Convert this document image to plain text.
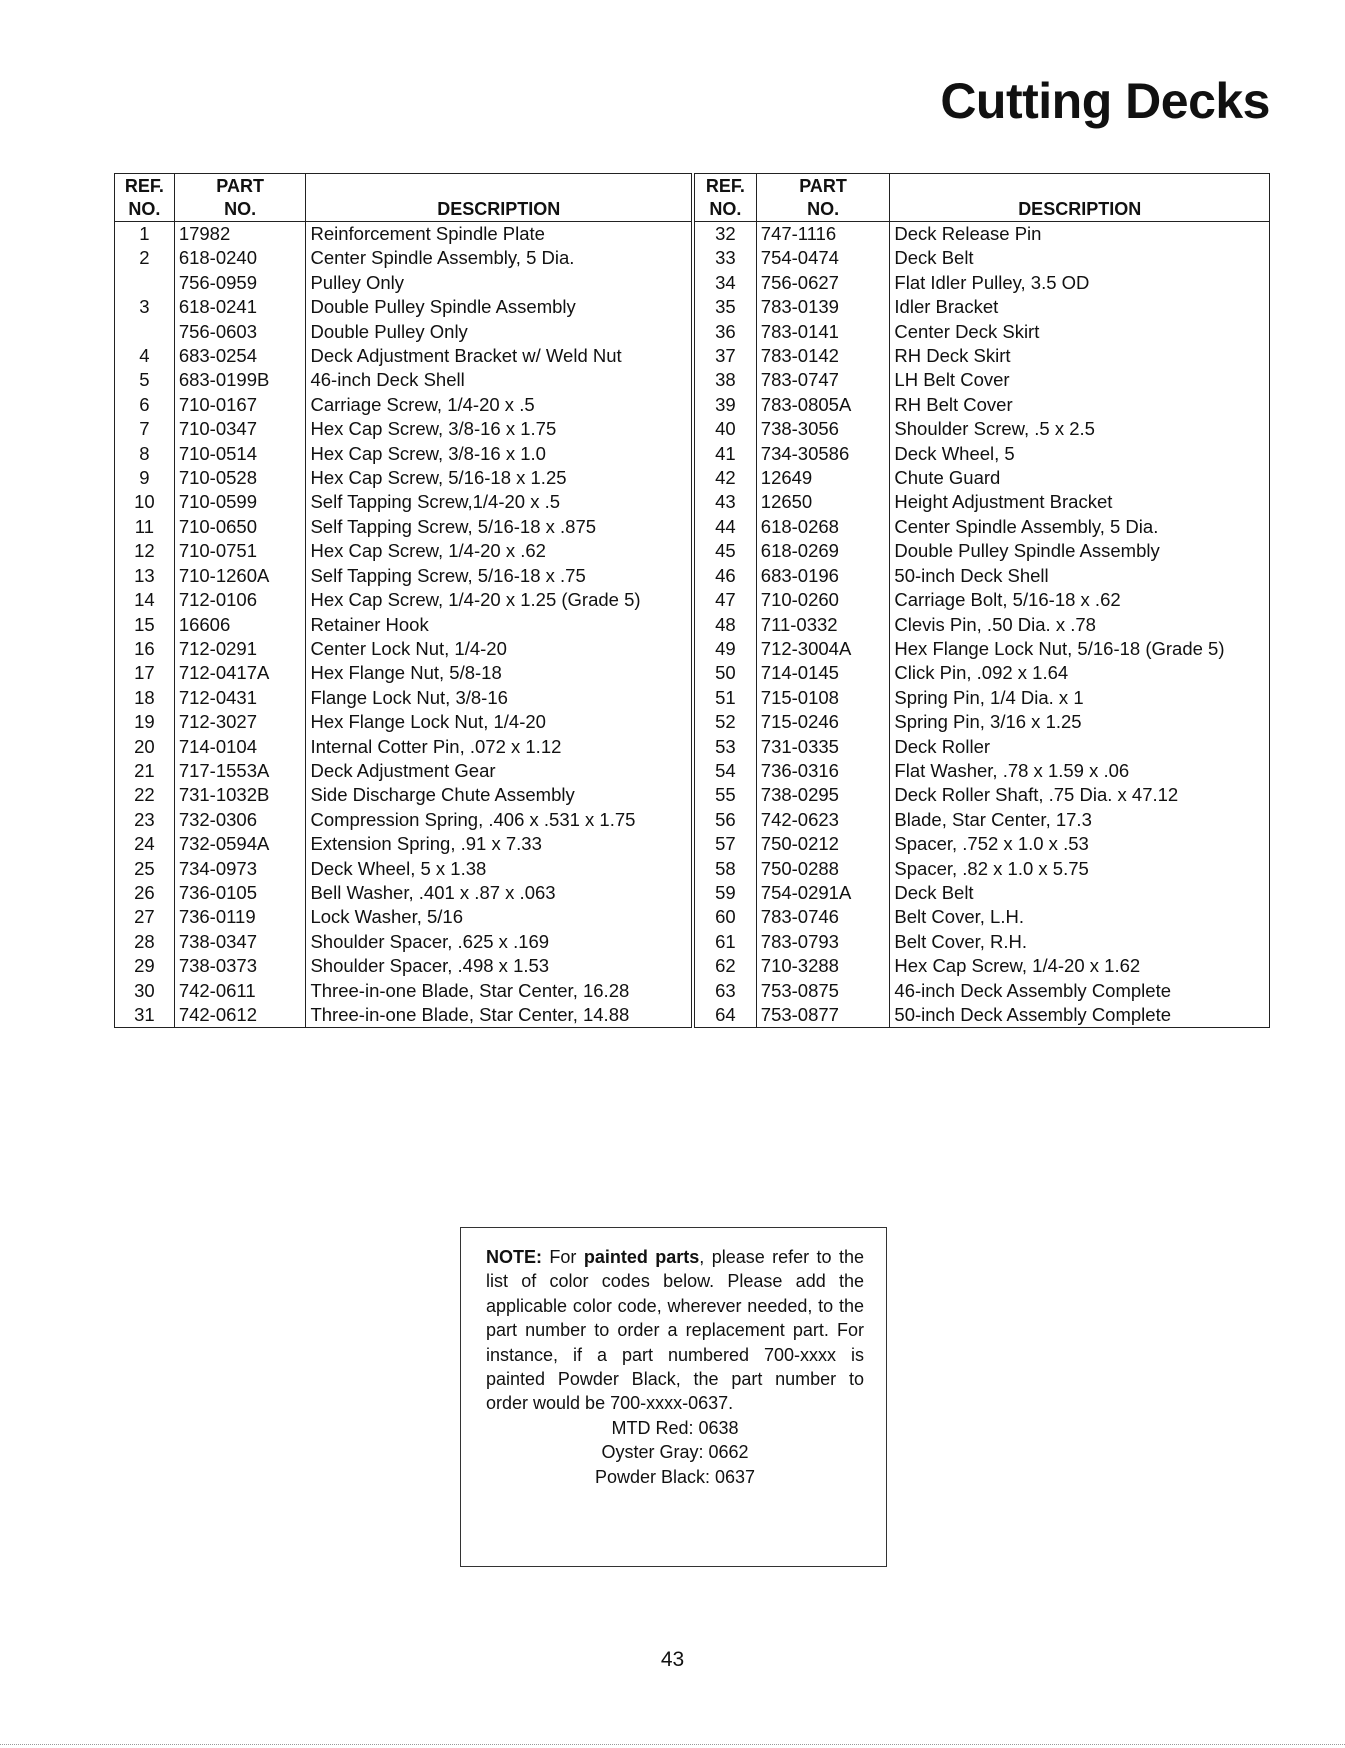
Cutting Decks
REF.	PART	
NO.	NO.	DESCRIPTION
1	17982	Reinforcement Spindle Plate
2	618-0240	Center Spindle Assembly, 5 Dia.
	756-0959	Pulley Only
3	618-0241	Double Pulley Spindle Assembly
	756-0603	Double Pulley Only
4	683-0254	Deck Adjustment Bracket w/ Weld Nut
5	683-0199B	46-inch Deck Shell
6	710-0167	Carriage Screw, 1/4-20 x .5
7	710-0347	Hex Cap Screw, 3/8-16 x 1.75
8	710-0514	Hex Cap Screw, 3/8-16 x 1.0
9	710-0528	Hex Cap Screw, 5/16-18 x 1.25
10	710-0599	Self Tapping Screw,1/4-20 x .5
11	710-0650	Self Tapping Screw, 5/16-18 x .875
12	710-0751	Hex Cap Screw, 1/4-20 x .62
13	710-1260A	Self Tapping Screw, 5/16-18 x .75
14	712-0106	Hex Cap Screw, 1/4-20 x 1.25 (Grade 5)
15	16606	Retainer Hook
16	712-0291	Center Lock Nut, 1/4-20
17	712-0417A	Hex Flange Nut, 5/8-18
18	712-0431	Flange Lock Nut, 3/8-16
19	712-3027	Hex Flange Lock Nut, 1/4-20
20	714-0104	Internal Cotter Pin, .072 x 1.12
21	717-1553A	Deck Adjustment Gear
22	731-1032B	Side Discharge Chute Assembly
23	732-0306	Compression Spring, .406 x .531 x 1.75
24	732-0594A	Extension Spring, .91 x 7.33
25	734-0973	Deck Wheel, 5 x 1.38
26	736-0105	Bell Washer, .401 x .87 x .063
27	736-0119	Lock Washer, 5/16
28	738-0347	Shoulder Spacer, .625 x .169
29	738-0373	Shoulder Spacer, .498 x 1.53
30	742-0611	Three-in-one Blade, Star Center, 16.28
31	742-0612	Three-in-one Blade, Star Center, 14.88
REF.	PART	
NO.	NO.	DESCRIPTION
32	747-1116	Deck Release Pin
33	754-0474	Deck Belt
34	756-0627	Flat Idler Pulley, 3.5 OD
35	783-0139	Idler Bracket
36	783-0141	Center Deck Skirt
37	783-0142	RH Deck Skirt
38	783-0747	LH Belt Cover
39	783-0805A	RH Belt Cover
40	738-3056	Shoulder Screw, .5 x 2.5
41	734-30586	Deck Wheel, 5
42	12649	Chute Guard
43	12650	Height Adjustment Bracket
44	618-0268	Center Spindle Assembly, 5 Dia.
45	618-0269	Double Pulley Spindle Assembly
46	683-0196	50-inch Deck Shell
47	710-0260	Carriage Bolt, 5/16-18 x .62
48	711-0332	Clevis Pin, .50 Dia. x .78
49	712-3004A	Hex Flange Lock Nut, 5/16-18 (Grade 5)
50	714-0145	Click Pin, .092 x 1.64
51	715-0108	Spring Pin, 1/4 Dia. x 1
52	715-0246	Spring Pin, 3/16 x 1.25
53	731-0335	Deck Roller
54	736-0316	Flat Washer, .78 x 1.59 x .06
55	738-0295	Deck Roller Shaft, .75 Dia. x 47.12
56	742-0623	Blade, Star Center, 17.3
57	750-0212	Spacer, .752 x 1.0 x .53
58	750-0288	Spacer, .82 x 1.0 x 5.75
59	754-0291A	Deck Belt
60	783-0746	Belt Cover, L.H.
61	783-0793	Belt Cover, R.H.
62	710-3288	Hex Cap Screw, 1/4-20 x 1.62
63	753-0875	46-inch Deck Assembly Complete
64	753-0877	50-inch Deck Assembly Complete

NOTE: For painted parts, please refer to the list of color codes below. Please add the applicable color code, wherever needed, to the part number to order a replacement part. For instance, if a part numbered 700-xxxx is painted Powder Black, the part number to order would be 700-xxxx-0637.

MTD Red: 0638
Oyster Gray: 0662
Powder Black: 0637
43
